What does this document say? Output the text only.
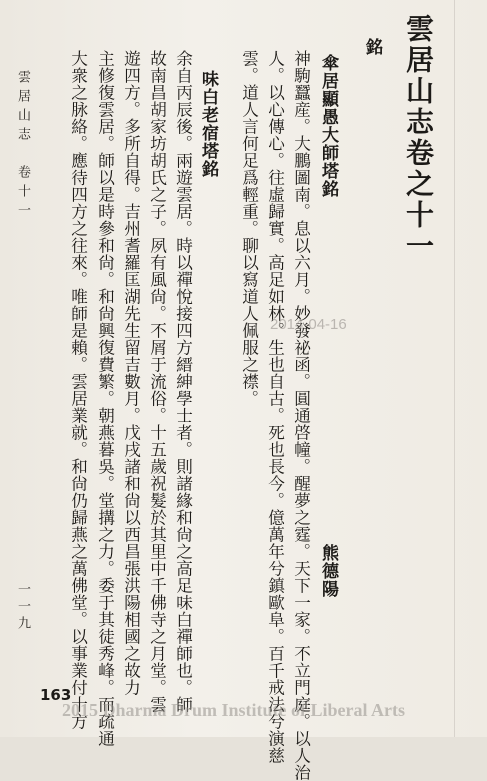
雲居山志卷之十一
銘
傘居顯愚大師塔銘
熊德陽
神駒蠶産。大鵬圖南。息以六月。妙發祕函。圓通啓幢。醒夢之霆。天下一家。不立門庭。以人治
人。以心傳心。往虛歸實。高足如林。生也自古。死也長今。億萬年兮鎮歐阜。百千戒法兮演慈
雲。道人言何足爲輕重。聊以寫道人佩服之襟。
味白老宿塔銘
余自丙辰後。兩遊雲居。時以禪悅接四方縉紳學士者。則諸緣和尙之高足味白禪師也。師
故南昌胡家坊胡氏之子。夙有風尙。不屑于流俗。十五歲祝髮於其里中千佛寺之月堂。雲
遊四方。多所自得。吉州耆羅匡湖先生留吉數月。戊戌諸和尙以西昌張洪陽相國之故力
主修復雲居。師以是時參和尙。和尙興復費繁。朝燕暮吳。堂搆之力。委于其徒秀峰。而疏通
大衆之脉絡。應待四方之往來。唯師是賴。雲居業就。和尙仍歸燕之萬佛堂。以事業付十方
雲居山志　卷十一
一一九
163
2014-04-16
2015 Dharma Drum Institute of Liberal Arts
